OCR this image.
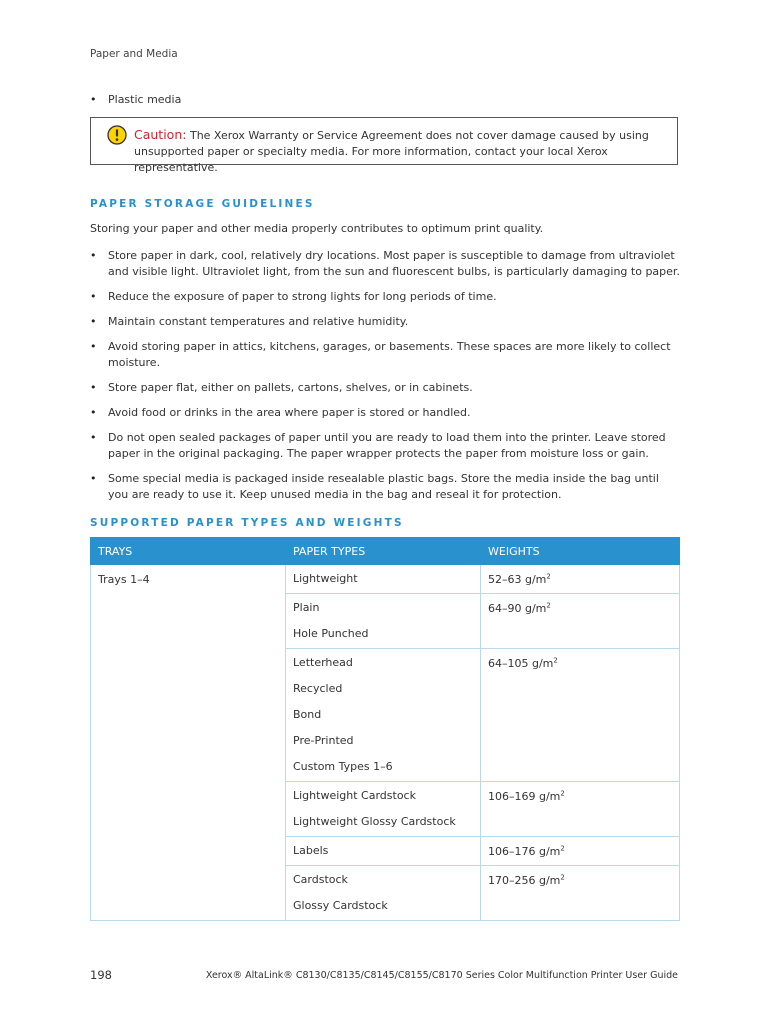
Paper and Media
• Plastic media
Caution: The Xerox Warranty or Service Agreement does not cover damage caused by using unsupported paper or specialty media. For more information, contact your local Xerox representative.
PAPER STORAGE GUIDELINES
Storing your paper and other media properly contributes to optimum print quality.
• Store paper in dark, cool, relatively dry locations. Most paper is susceptible to damage from ultraviolet and visible light. Ultraviolet light, from the sun and fluorescent bulbs, is particularly damaging to paper.
• Reduce the exposure of paper to strong lights for long periods of time.
• Maintain constant temperatures and relative humidity.
• Avoid storing paper in attics, kitchens, garages, or basements. These spaces are more likely to collect moisture.
• Store paper flat, either on pallets, cartons, shelves, or in cabinets.
• Avoid food or drinks in the area where paper is stored or handled.
• Do not open sealed packages of paper until you are ready to load them into the printer. Leave stored paper in the original packaging. The paper wrapper protects the paper from moisture loss or gain.
• Some special media is packaged inside resealable plastic bags. Store the media inside the bag until you are ready to use it. Keep unused media in the bag and reseal it for protection.
SUPPORTED PAPER TYPES AND WEIGHTS
TRAYS	PAPER TYPES	WEIGHTS
Trays 1–4	Lightweight	52–63 $g/m^2$

	Plain
Hole Punched	64–90 $g/m^2$

	Letterhead
Recycled
Bond
Pre-Printed
Custom Types 1–6	64–105 $g/m^2$

	Lightweight Cardstock
Lightweight Glossy Cardstock	106–169 $g/m^2$

	Labels	106–176 $g/m^2$

	Cardstock
Glossy Cardstock	170–256 $g/m^2$
198	Xerox® AltaLink® C8130/C8135/C8145/C8155/C8170 Series Color Multifunction Printer User Guide
